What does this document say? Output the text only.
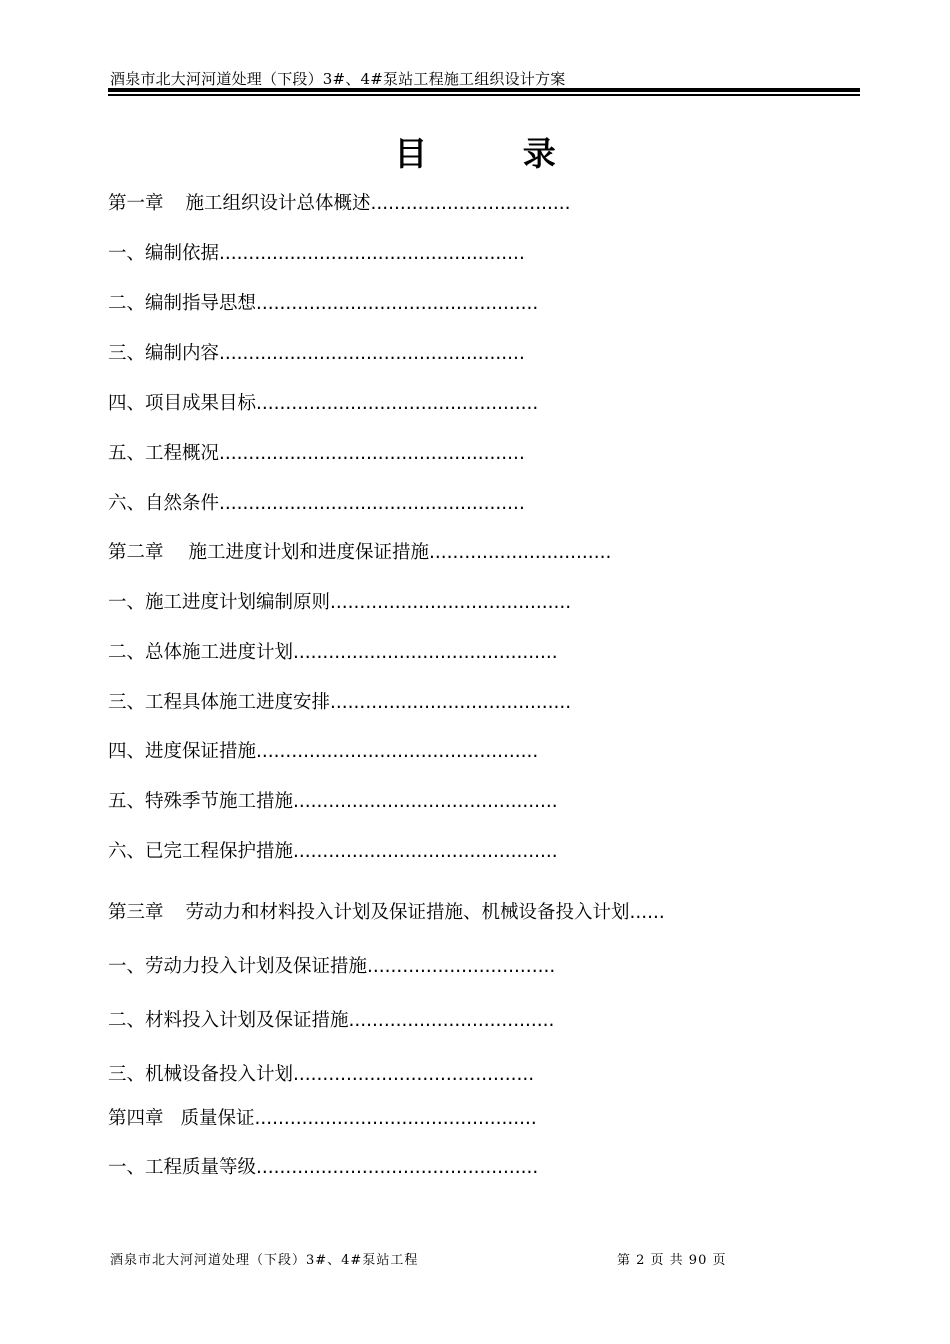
酒泉市北大河河道处理（下段）3#、4#泵站工程施工组织设计方案
目 录
第一章 施工组织设计总体概述..................................
一、编制依据....................................................
二、编制指导思想................................................
三、编制内容....................................................
四、项目成果目标................................................
五、工程概况....................................................
六、自然条件....................................................
第二章 施工进度计划和进度保证措施...............................
一、施工进度计划编制原则.........................................
二、总体施工进度计划.............................................
三、工程具体施工进度安排.........................................
四、进度保证措施................................................
五、特殊季节施工措施.............................................
六、已完工程保护措施.............................................
第三章 劳动力和材料投入计划及保证措施、机械设备投入计划......
一、劳动力投入计划及保证措施................................
二、材料投入计划及保证措施...................................
三、机械设备投入计划.........................................
第四章 质量保证................................................
一、工程质量等级................................................
酒泉市北大河河道处理（下段）3#、4#泵站工程	第 2 页 共 90 页
